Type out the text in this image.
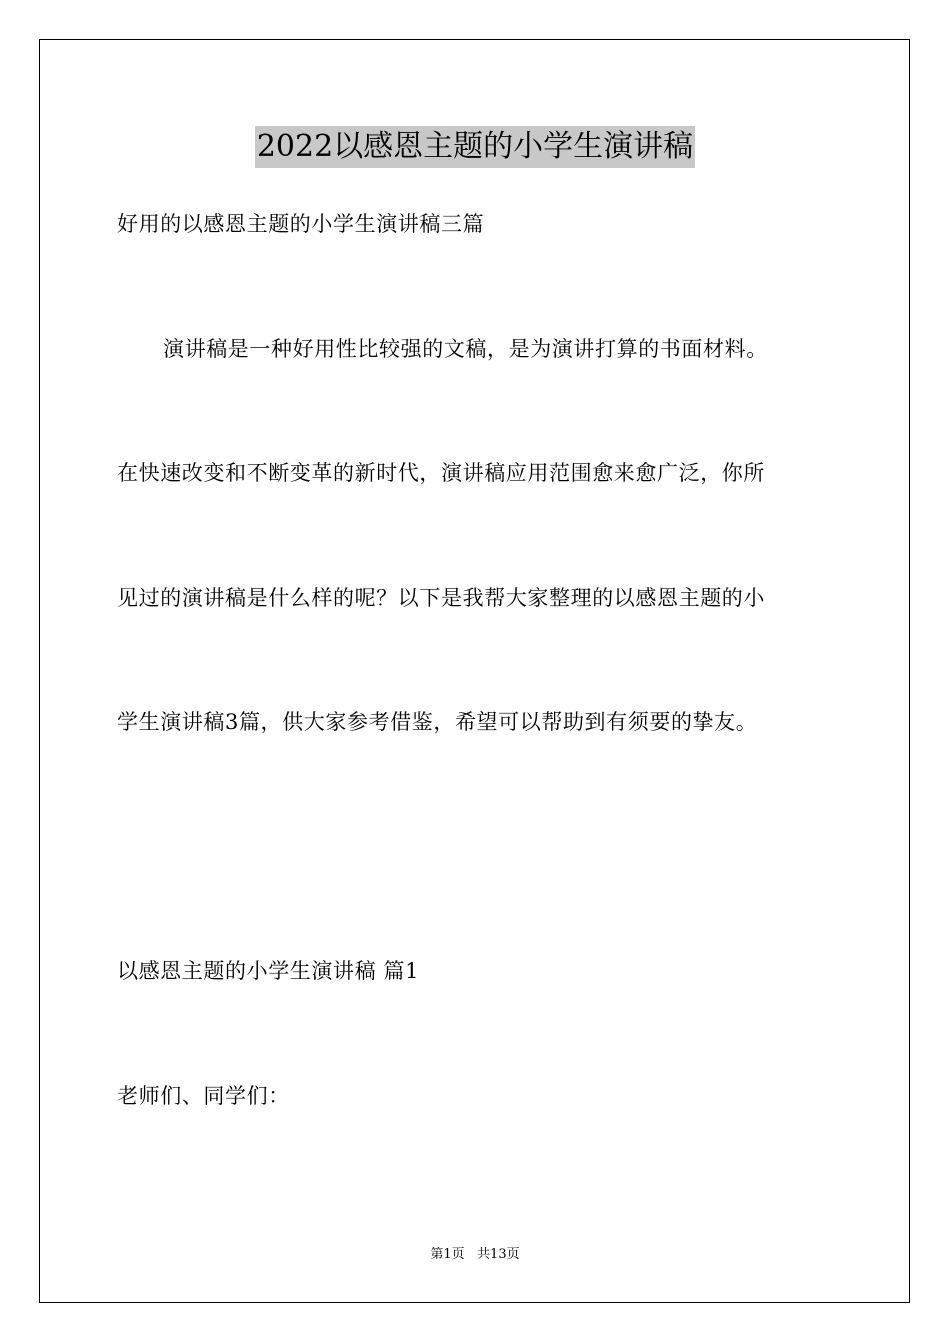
2022以感恩主题的小学生演讲稿
好用的以感恩主题的小学生演讲稿三篇
演讲稿是一种好用性比较强的文稿，是为演讲打算的书面材料。
在快速改变和不断变革的新时代，演讲稿应用范围愈来愈广泛，你所
见过的演讲稿是什么样的呢？以下是我帮大家整理的以感恩主题的小
学生演讲稿3篇，供大家参考借鉴，希望可以帮助到有须要的挚友。
以感恩主题的小学生演讲稿 篇1
老师们、同学们：
第1页   共13页
